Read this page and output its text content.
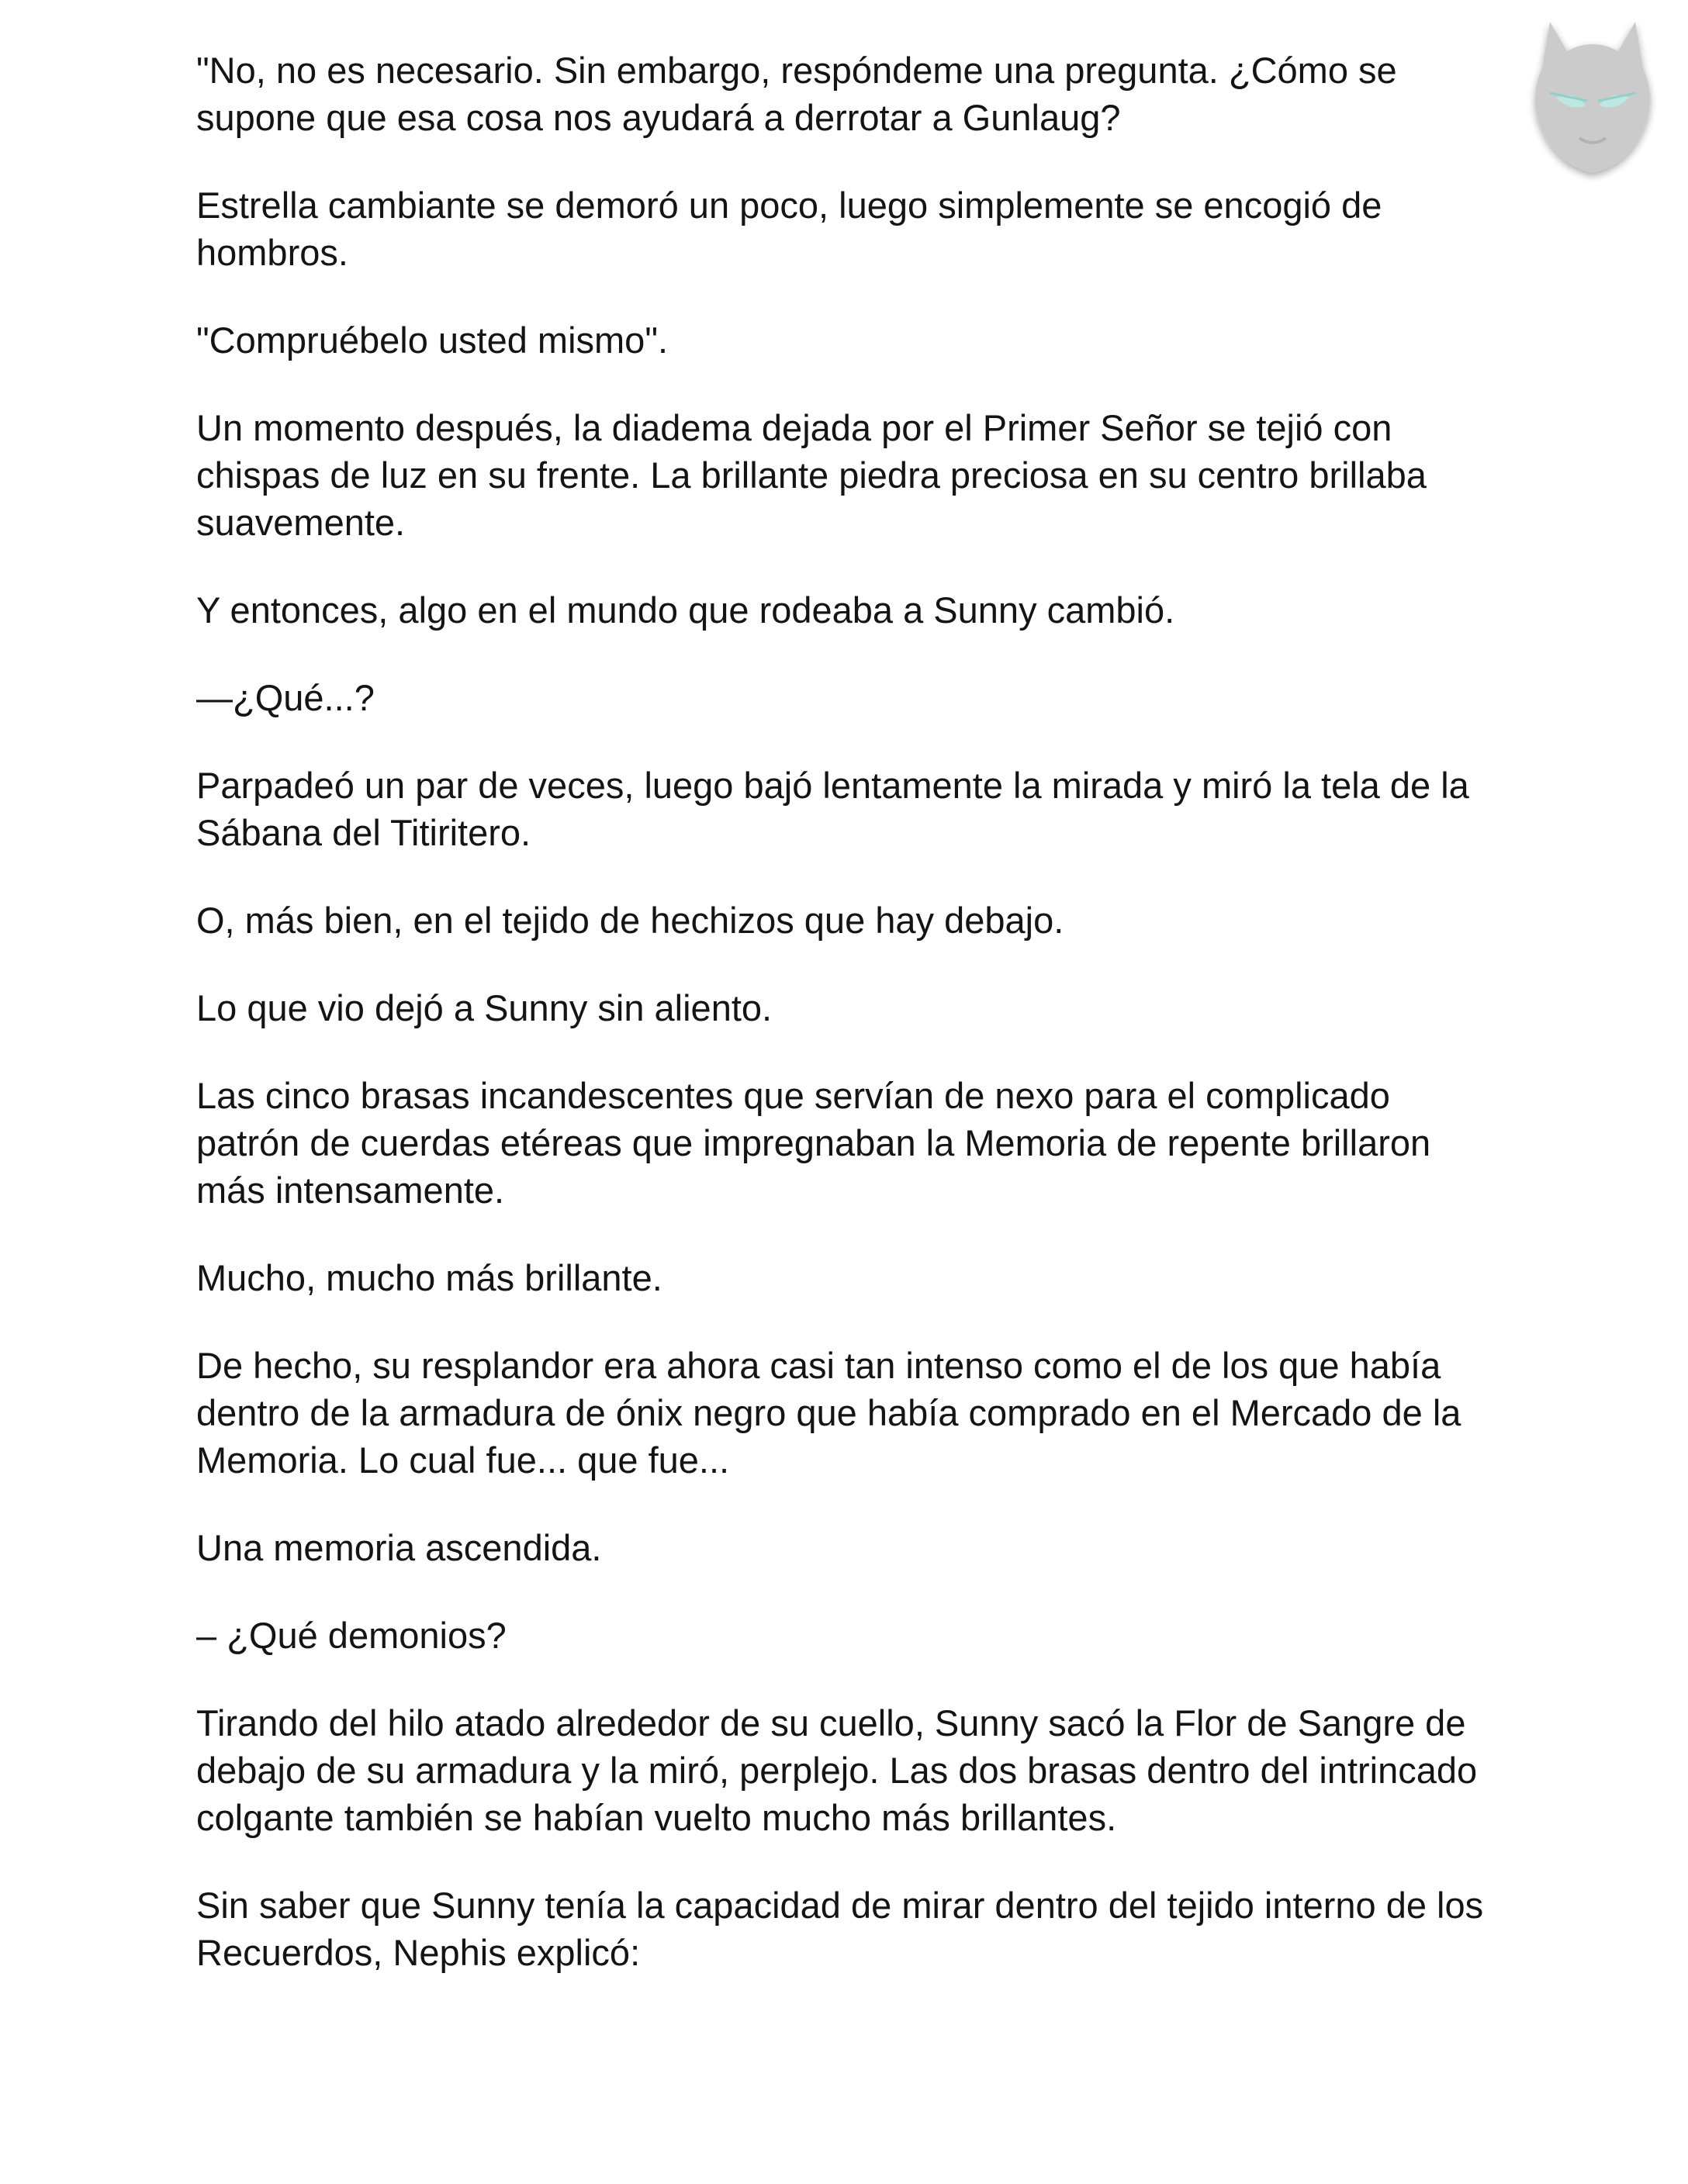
"No, no es necesario. Sin embargo, respóndeme una pregunta. ¿Cómo se supone que esa cosa nos ayudará a derrotar a Gunlaug?

Estrella cambiante se demoró un poco, luego simplemente se encogió de hombros.

"Compruébelo usted mismo".

Un momento después, la diadema dejada por el Primer Señor se tejió con chispas de luz en su frente. La brillante piedra preciosa en su centro brillaba suavemente.

Y entonces, algo en el mundo que rodeaba a Sunny cambió.

—¿Qué...?

Parpadeó un par de veces, luego bajó lentamente la mirada y miró la tela de la Sábana del Titiritero.

O, más bien, en el tejido de hechizos que hay debajo.

Lo que vio dejó a Sunny sin aliento.

Las cinco brasas incandescentes que servían de nexo para el complicado patrón de cuerdas etéreas que impregnaban la Memoria de repente brillaron más intensamente.

Mucho, mucho más brillante.

De hecho, su resplandor era ahora casi tan intenso como el de los que había dentro de la armadura de ónix negro que había comprado en el Mercado de la Memoria. Lo cual fue... que fue...

Una memoria ascendida.

– ¿Qué demonios?

Tirando del hilo atado alrededor de su cuello, Sunny sacó la Flor de Sangre de debajo de su armadura y la miró, perplejo. Las dos brasas dentro del intrincado colgante también se habían vuelto mucho más brillantes.

Sin saber que Sunny tenía la capacidad de mirar dentro del tejido interno de los Recuerdos, Nephis explicó:
